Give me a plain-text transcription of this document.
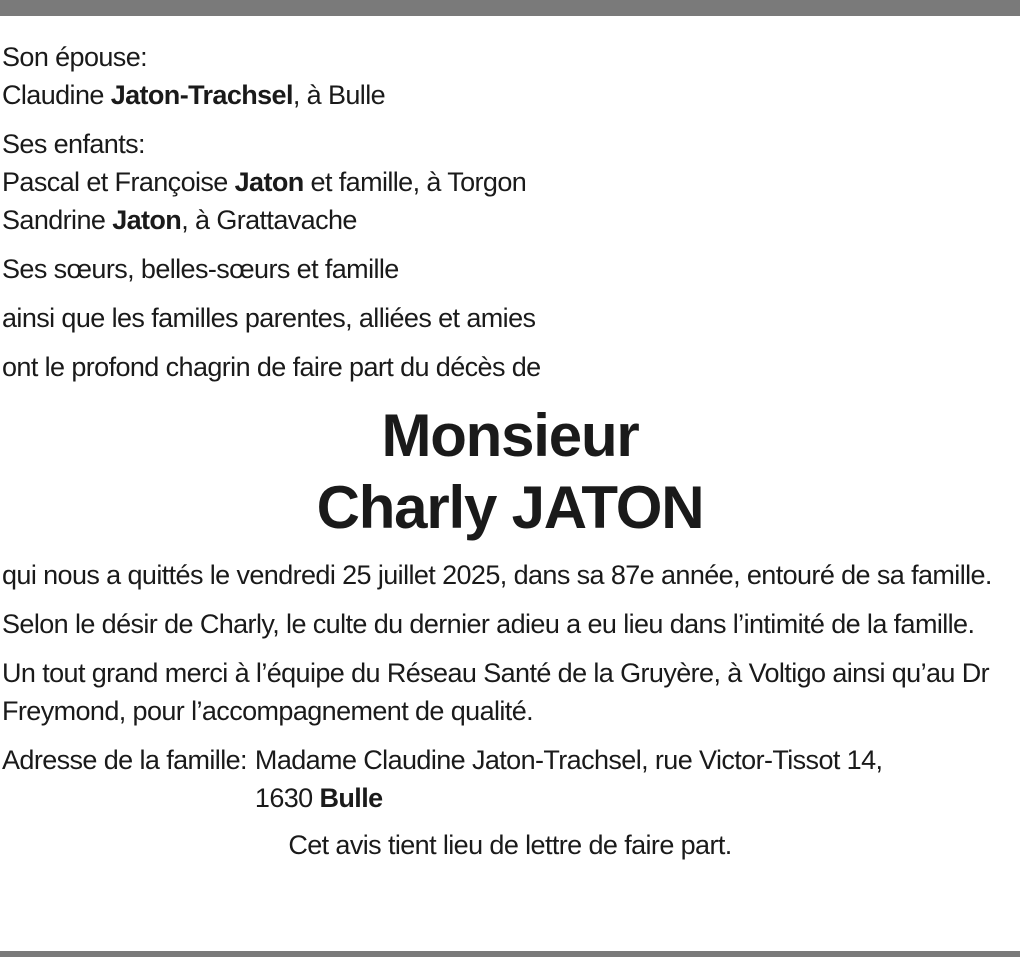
Son épouse:

Claudine Jaton-Trachsel, à Bulle

Ses enfants:

Pascal et Françoise Jaton et famille, à Torgon

Sandrine Jaton, à Grattavache

Ses sœurs, belles-sœurs et famille

ainsi que les familles parentes, alliées et amies

ont le profond chagrin de faire part du décès de

Monsieur
Charly JATON
qui nous a quittés le vendredi 25 juillet 2025, dans sa 87e année, entouré de sa famille.
Selon le désir de Charly, le culte du dernier adieu a eu lieu dans l’intimité de la famille.
Un tout grand merci à l’équipe du Réseau Santé de la Gruyère, à Voltigo ainsi qu’au Dr Freymond, pour l’accompagnement de qualité.
Adresse de la famille: Madame Claudine Jaton-Trachsel, rue Victor-Tissot 14,
1630 Bulle

Cet avis tient lieu de lettre de faire part.
